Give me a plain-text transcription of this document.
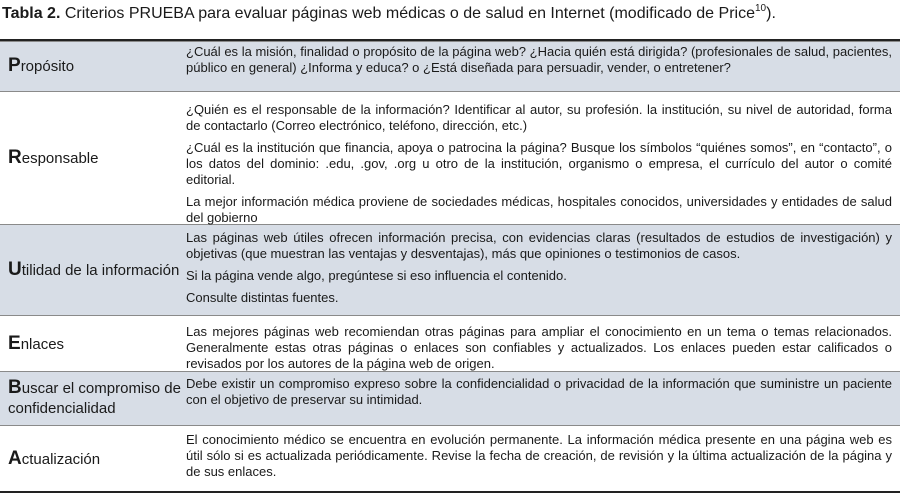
Tabla 2. Criterios PRUEBA para evaluar páginas web médicas o de salud en Internet (modificado de Price$^{10}$).
Propósito

¿Cuál es la misión, finalidad o propósito de la página web? ¿Hacia quién está dirigida? (profesionales de salud, pacientes, público en general) ¿Informa y educa? o ¿Está diseñada para persuadir, vender, o entretener?

Responsable

¿Quién es el responsable de la información? Identificar al autor, su profesión. la institución, su nivel de autoridad, forma de contactarlo (Correo electrónico, teléfono, dirección, etc.)

¿Cuál es la institución que financia, apoya o patrocina la página? Busque los símbolos “quiénes somos”, en “contacto”, o los datos del dominio: .edu, .gov, .org u otro de la institución, organismo o empresa, el currículo del autor o comité editorial.

La mejor información médica proviene de sociedades médicas, hospitales conocidos, universidades y entidades de salud del gobierno

Utilidad de la información

Las páginas web útiles ofrecen información precisa, con evidencias claras (resultados de estudios de investigación) y objetivas (que muestran las ventajas y desventajas), más que opiniones o testimonios de casos.

Si la página vende algo, pregúntese si eso influencia el contenido.

Consulte distintas fuentes.

Enlaces

Las mejores páginas web recomiendan otras páginas para ampliar el conocimiento en un tema o temas relacionados. Generalmente estas otras páginas o enlaces son confiables y actualizados. Los enlaces pueden estar calificados o revisados por los autores de la página web de origen.

Buscar el compromiso de confidencialidad

Debe existir un compromiso expreso sobre la confidencialidad o privacidad de la información que suministre un paciente con el objetivo de preservar su intimidad.

Actualización

El conocimiento médico se encuentra en evolución permanente. La información médica presente en una página web es útil sólo si es actualizada periódicamente. Revise la fecha de creación, de revisión y la última actualización de la página y de sus enlaces.
